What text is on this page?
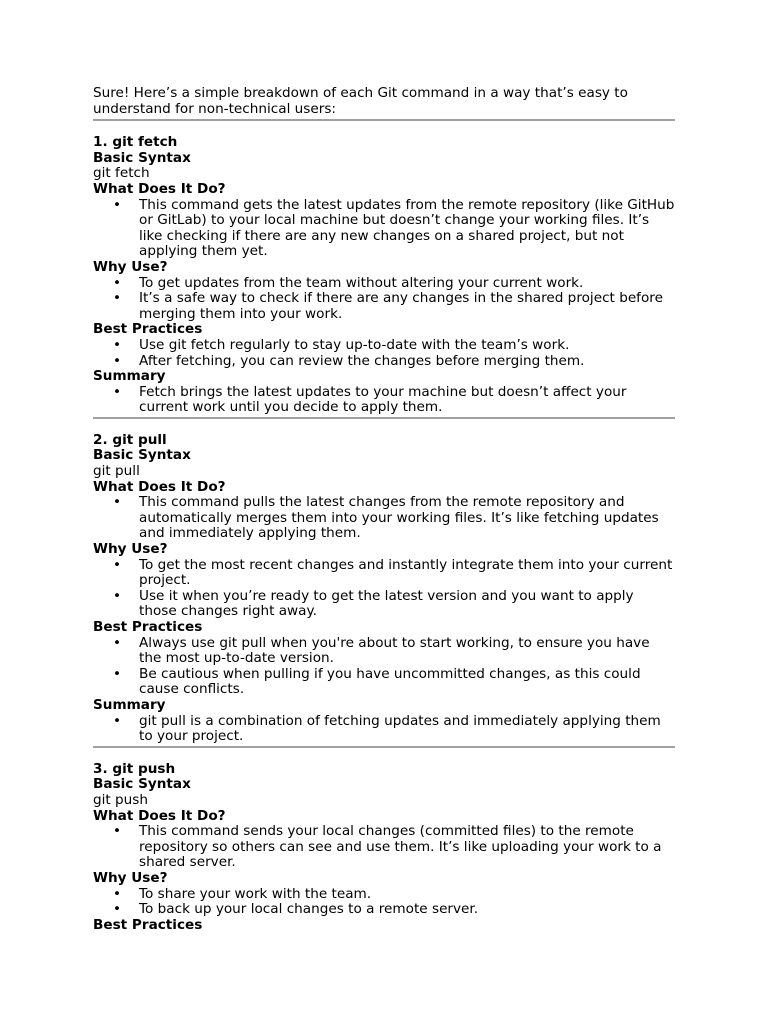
Sure! Here’s a simple breakdown of each Git command in a way that’s easy to understand for non-technical users:

1. git fetch
Basic Syntax
git fetch
What Does It Do?
• This command gets the latest updates from the remote repository (like GitHub or GitLab) to your local machine but doesn’t change your working files. It’s like checking if there are any new changes on a shared project, but not applying them yet.
Why Use?
• To get updates from the team without altering your current work.
• It’s a safe way to check if there are any changes in the shared project before merging them into your work.
Best Practices
• Use git fetch regularly to stay up-to-date with the team’s work.
• After fetching, you can review the changes before merging them.
Summary
• Fetch brings the latest updates to your machine but doesn’t affect your current work until you decide to apply them.
2. git pull
Basic Syntax
git pull
What Does It Do?
• This command pulls the latest changes from the remote repository and automatically merges them into your working files. It’s like fetching updates and immediately applying them.
Why Use?
• To get the most recent changes and instantly integrate them into your current project.
• Use it when you’re ready to get the latest version and you want to apply those changes right away.
Best Practices
• Always use git pull when you're about to start working, to ensure you have the most up-to-date version.
• Be cautious when pulling if you have uncommitted changes, as this could cause conflicts.
Summary
• git pull is a combination of fetching updates and immediately applying them to your project.
3. git push
Basic Syntax
git push
What Does It Do?
• This command sends your local changes (committed files) to the remote repository so others can see and use them. It’s like uploading your work to a shared server.
Why Use?
• To share your work with the team.
• To back up your local changes to a remote server.
Best Practices
